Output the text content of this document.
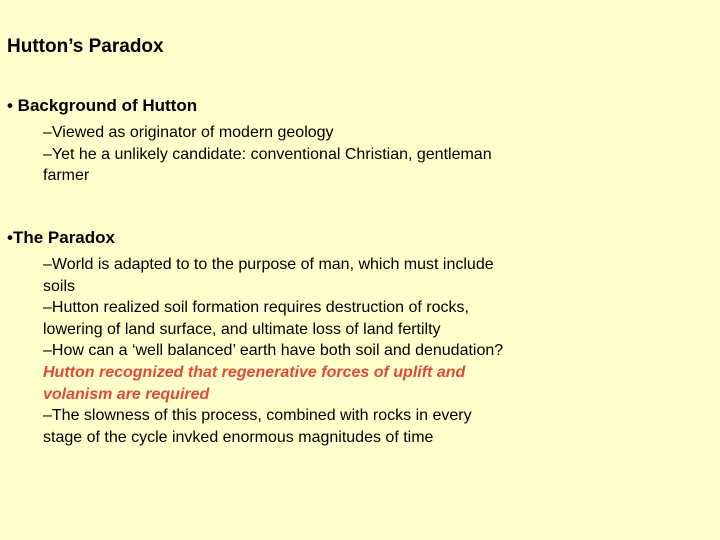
Hutton’s Paradox
• Background of Hutton

–Viewed as originator of modern geology

–Yet he a unlikely candidate: conventional Christian, gentleman farmer

•The Paradox

–World is adapted to to the purpose of man, which must include soils

–Hutton realized soil formation requires destruction of rocks, lowering of land surface, and ultimate loss of land fertilty

–How can a ‘well balanced’ earth have both soil and denudation? Hutton recognized that regenerative forces of uplift and volanism are required

–The slowness of this process, combined with rocks in every stage of the cycle invked enormous magnitudes of time
